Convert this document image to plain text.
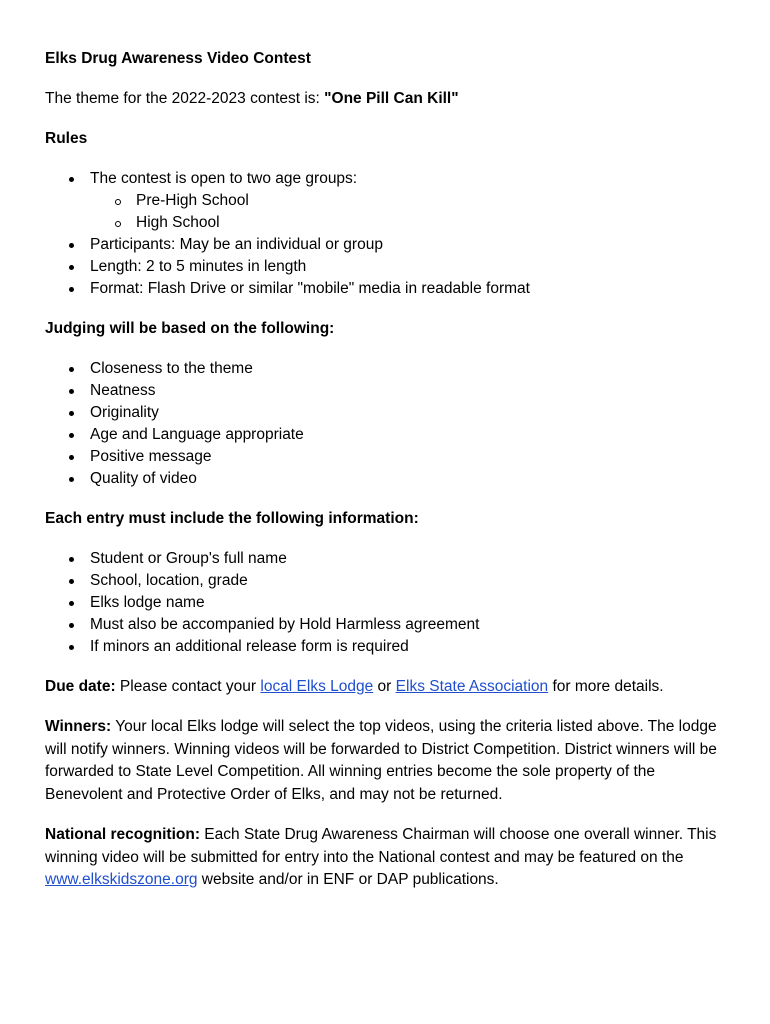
Elks Drug Awareness Video Contest

The theme for the 2022-2023 contest is: "One Pill Can Kill"

Rules

The contest is open to two age groups:
Pre-High School
High School
Participants: May be an individual or group
Length: 2 to 5 minutes in length
Format: Flash Drive or similar "mobile" media in readable format

Judging will be based on the following:

Closeness to the theme
Neatness
Originality
Age and Language appropriate
Positive message
Quality of video

Each entry must include the following information:

Student or Group's full name
School, location, grade
Elks lodge name
Must also be accompanied by Hold Harmless agreement
If minors an additional release form is required

Due date: Please contact your local Elks Lodge or Elks State Association for more details.

Winners: Your local Elks lodge will select the top videos, using the criteria listed above. The lodge will notify winners. Winning videos will be forwarded to District Competition. District winners will be forwarded to State Level Competition. All winning entries become the sole property of the Benevolent and Protective Order of Elks, and may not be returned.

National recognition: Each State Drug Awareness Chairman will choose one overall winner. This winning video will be submitted for entry into the National contest and may be featured on the www.elkskidszone.org website and/or in ENF or DAP publications.
